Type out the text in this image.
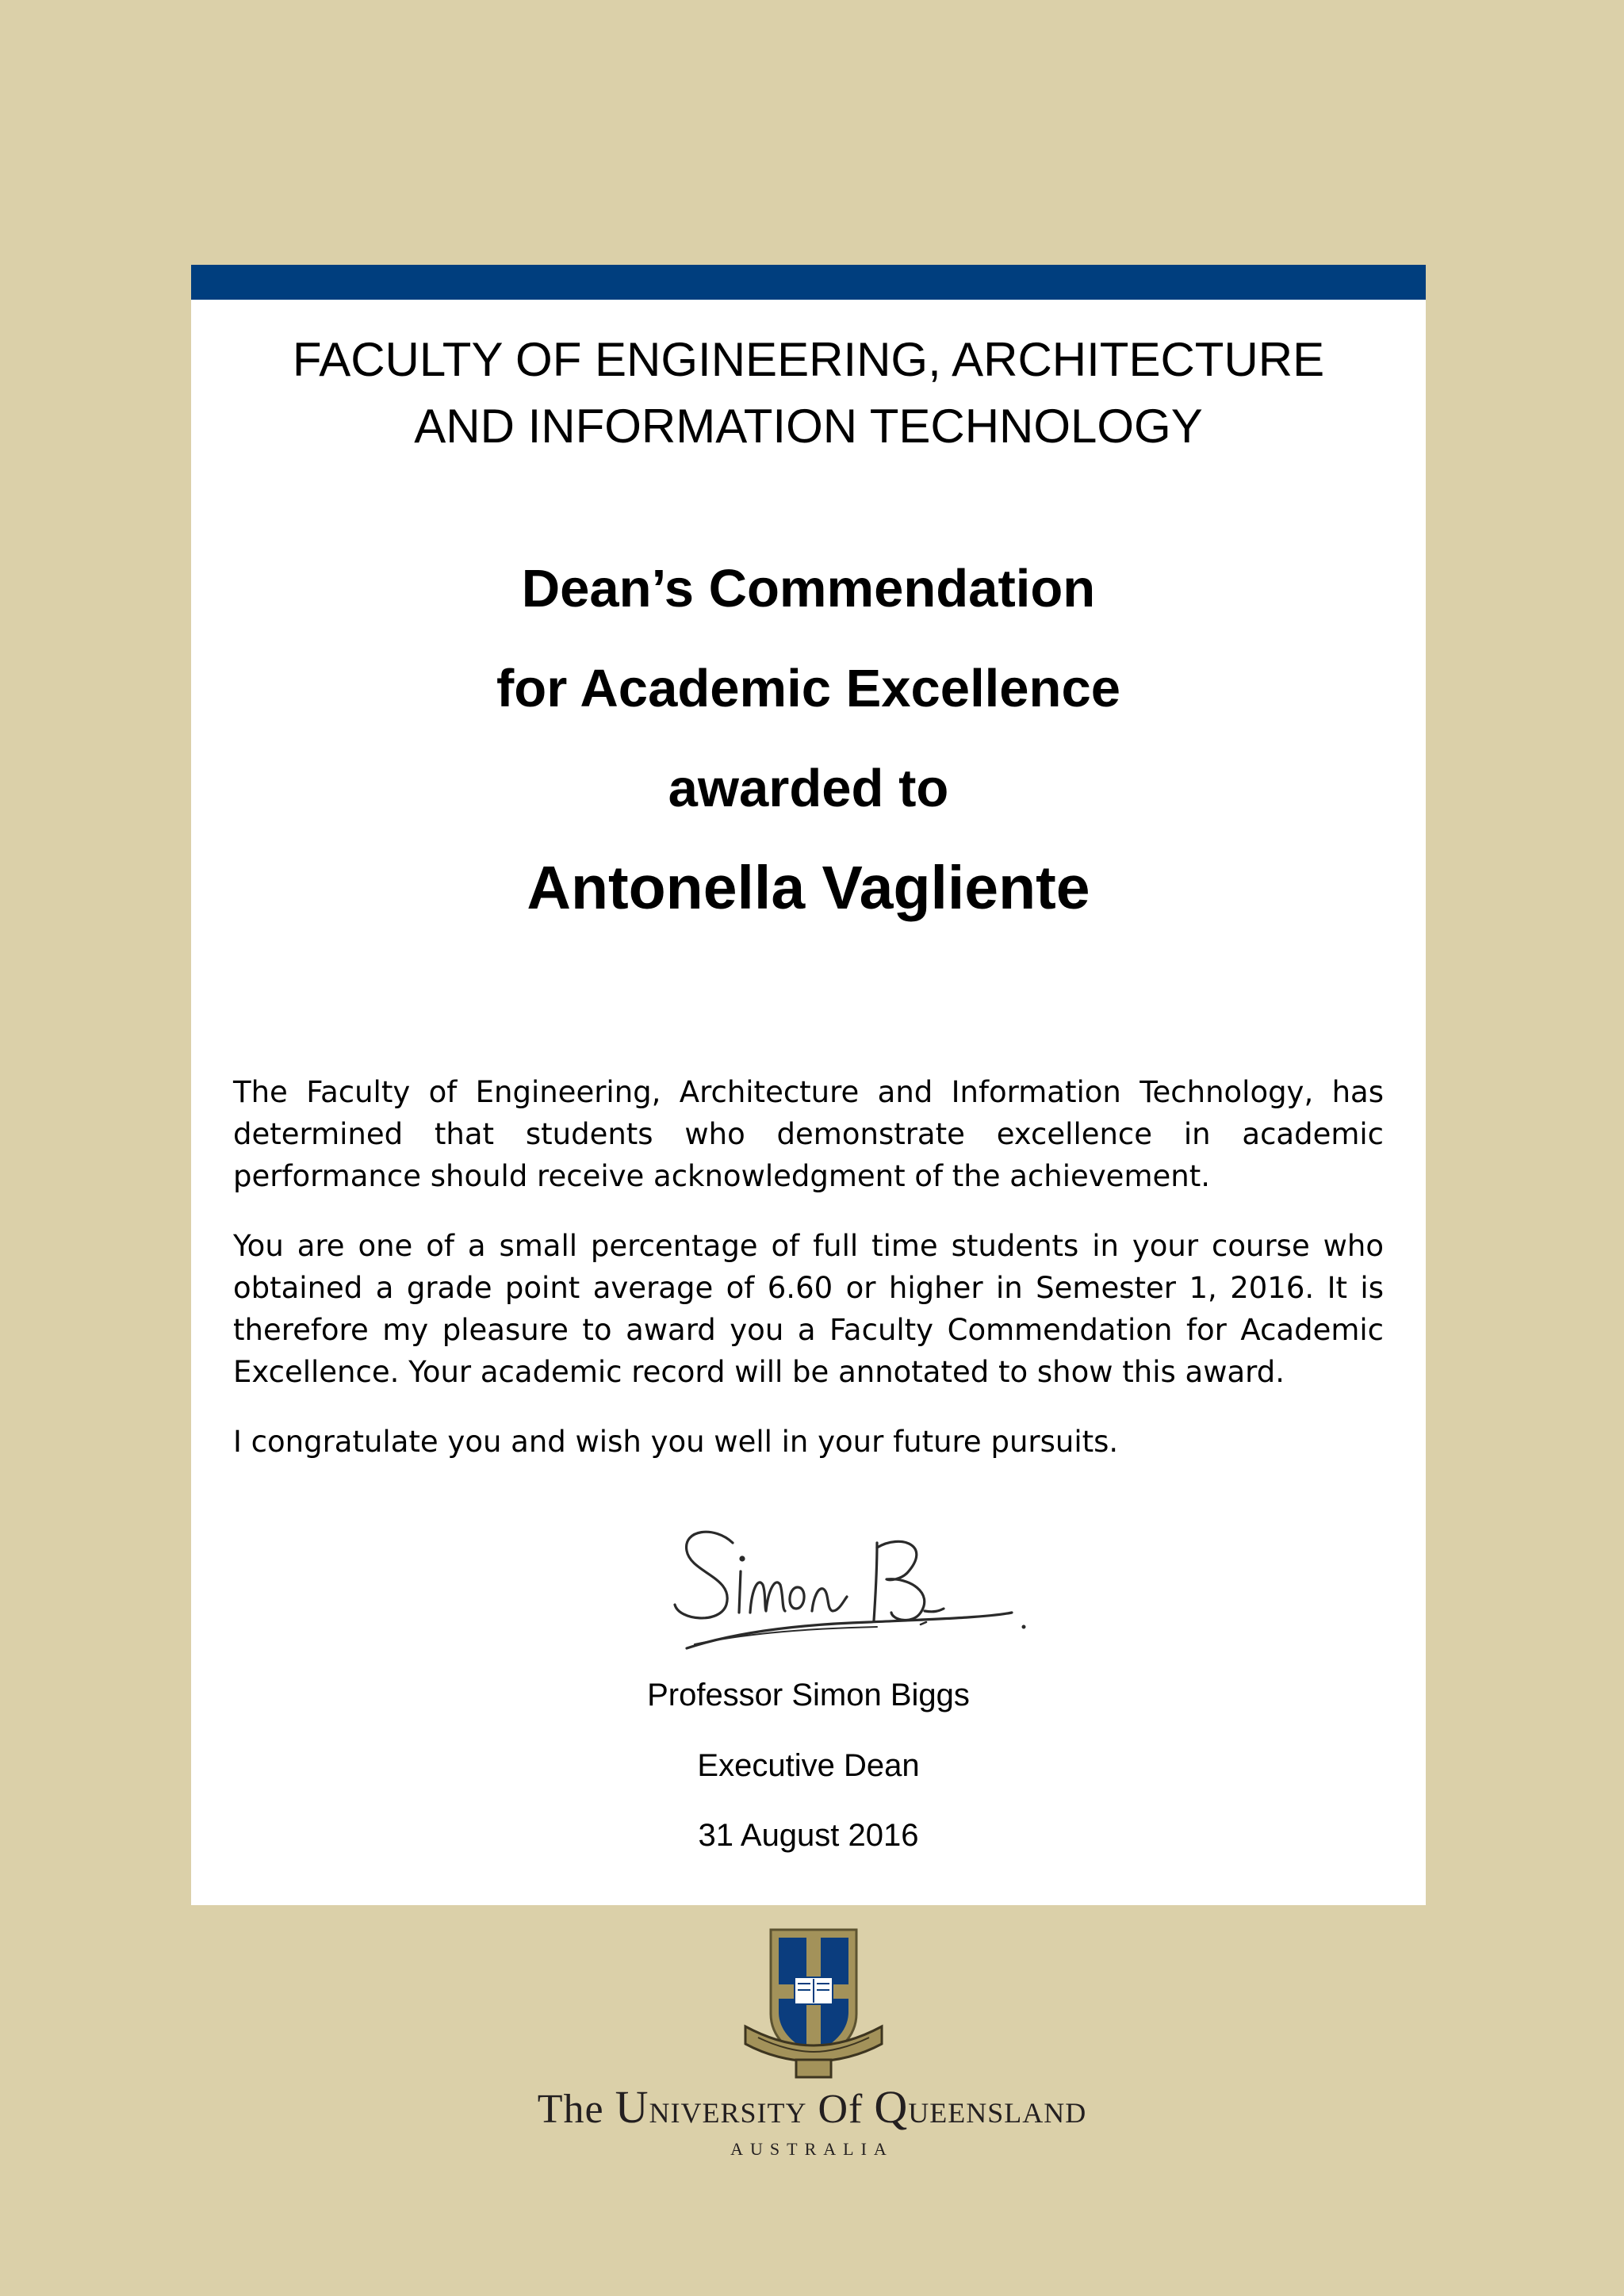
FACULTY OF ENGINEERING, ARCHITECTURE
AND INFORMATION TECHNOLOGY
Dean’s Commendation
for Academic Excellence
awarded to
Antonella Vagliente

The Faculty of Engineering, Architecture and Information Technology, has determined that students who demonstrate excellence in academic performance should receive acknowledgment of the achievement.

You are one of a small percentage of full time students in your course who obtained a grade point average of 6.60 or higher in Semester 1, 2016. It is therefore my pleasure to award you a Faculty Commendation for Academic Excellence. Your academic record will be annotated to show this award.

I congratulate you and wish you well in your future pursuits.

Professor Simon Biggs
Executive Dean
31 August 2016
The University Of Queensland
AUSTRALIA
